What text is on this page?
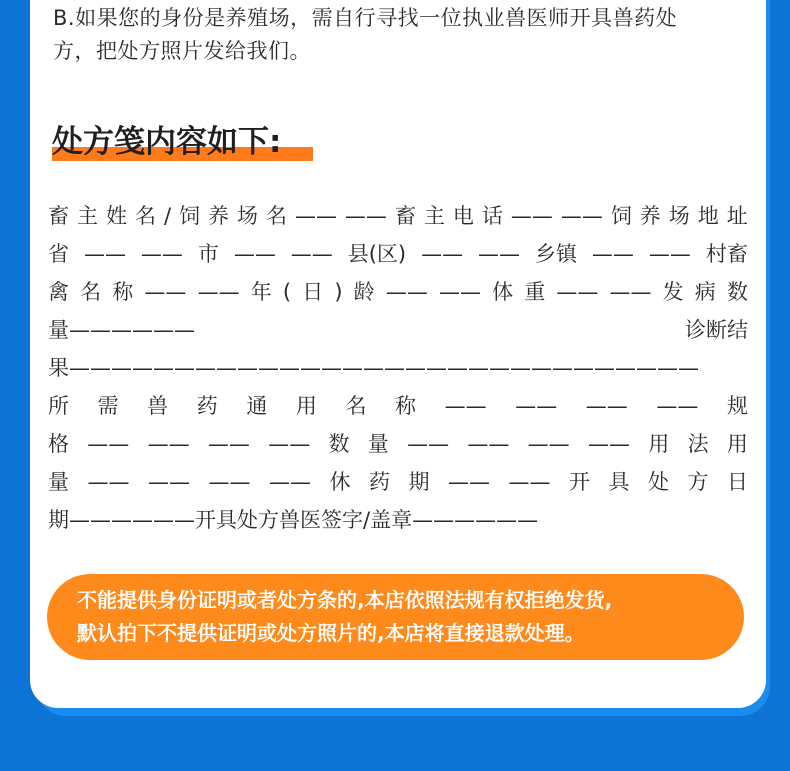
B.如果您的身份是养殖场，需自行寻找一位执业兽医师开具兽药处
方，把处方照片发给我们。
处方笺内容如下:
畜 主 姓 名 / 饲 养 场 名 —— —— 畜 主 电 话 —— —— 饲 养 场 地 址
省 —— —— 市 —— —— 县(区) —— —— 乡镇 —— —— 村畜
禽 名 称 —— —— 年 ( 日 ) 龄 —— —— 体 重 —— —— 发 病 数
量——————	诊断结
果——————————————————————————————
所 需 兽 药 通 用 名 称 —— —— —— —— 规
格 —— —— —— —— 数 量 —— —— —— —— 用 法 用
量 —— —— —— —— 休 药 期 —— —— 开 具 处 方 日
期——————开具处方兽医签字/盖章——————

不能提供身份证明或者处方条的,本店依照法规有权拒绝发货,

默认拍下不提供证明或处方照片的,本店将直接退款处理。
